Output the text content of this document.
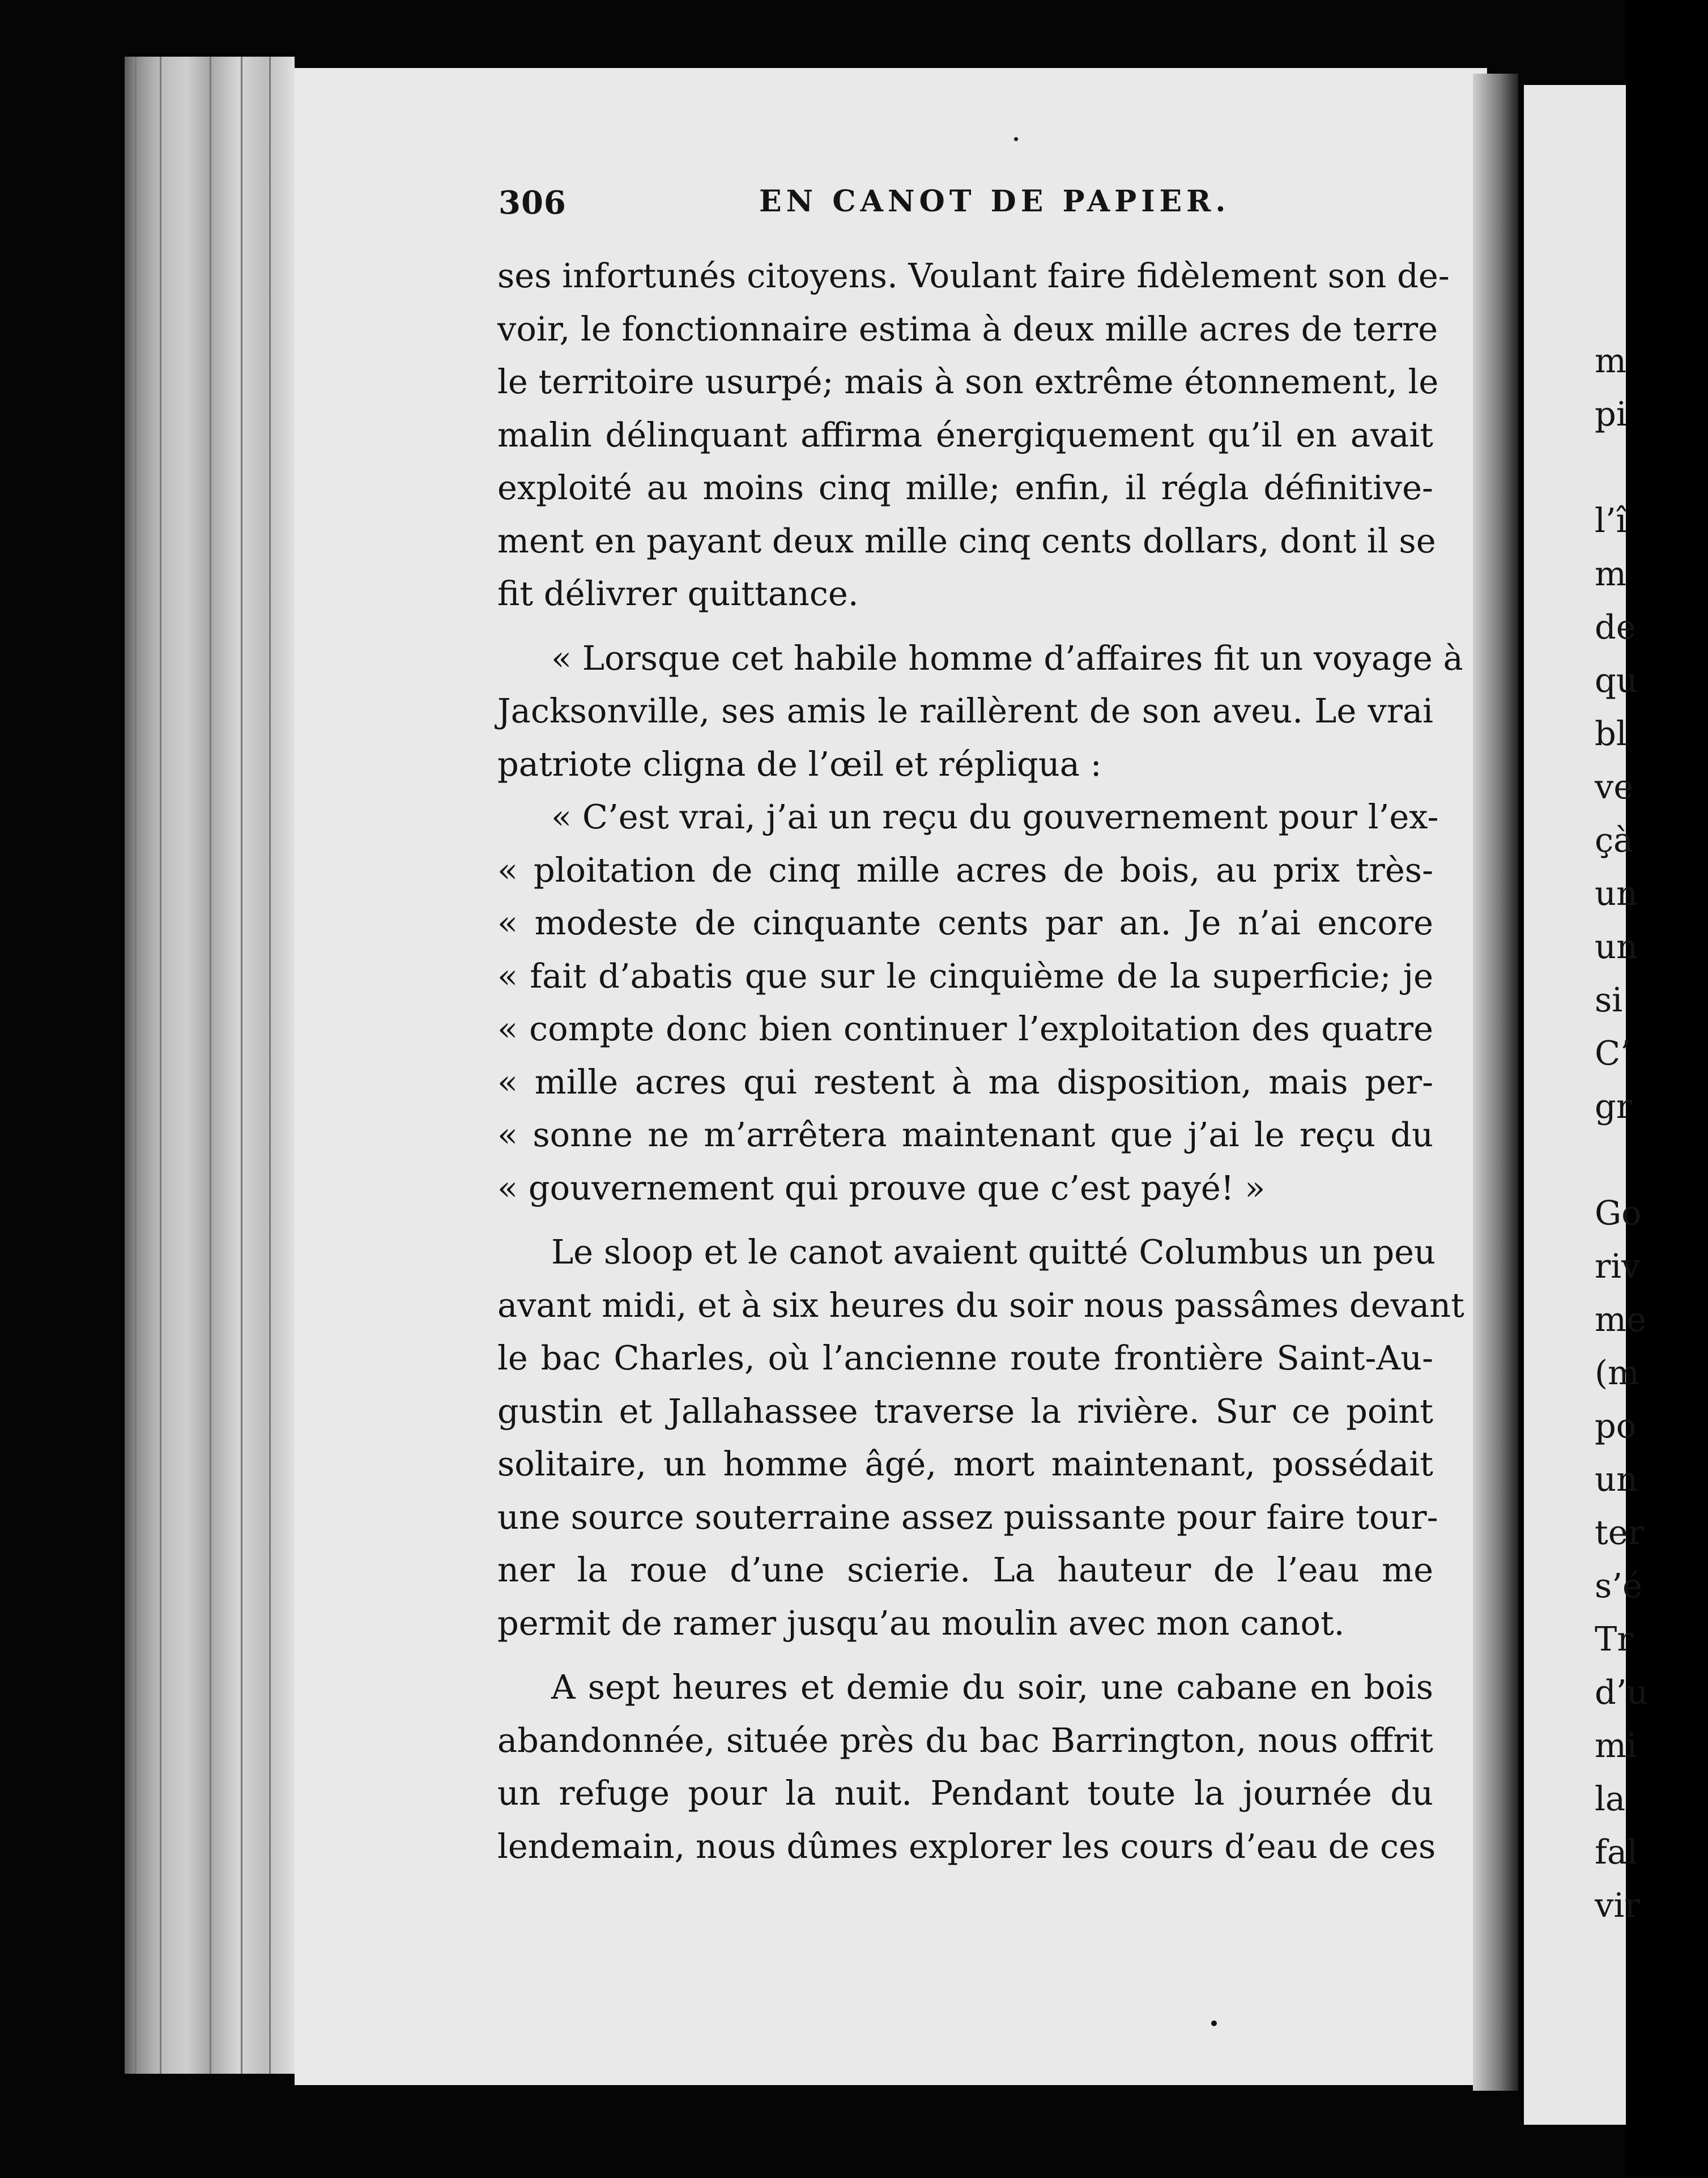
m
pi
l’î
m
de
qu
bl
ve
çà
un
un
si
C’
gr
Go
riv
me
(m
po
un
ter
s’é
Tr
d’u
mi
la
fal
vir
306	EN CANOT DE PAPIER.
ses infortunés citoyens. Voulant faire fidèlement son de-
voir, le fonctionnaire estima à deux mille acres de terre
le territoire usurpé; mais à son extrême étonnement, le
malin délinquant affirma énergiquement qu’il en avait
exploité au moins cinq mille; enfin, il régla définitive-
ment en payant deux mille cinq cents dollars, dont il se
fit délivrer quittance.
« Lorsque cet habile homme d’affaires fit un voyage à
Jacksonville, ses amis le raillèrent de son aveu. Le vrai
patriote cligna de l’œil et répliqua :
« C’est vrai, j’ai un reçu du gouvernement pour l’ex-
« ploitation de cinq mille acres de bois, au prix très-
« modeste de cinquante cents par an. Je n’ai encore
« fait d’abatis que sur le cinquième de la superficie; je
« compte donc bien continuer l’exploitation des quatre
« mille acres qui restent à ma disposition, mais per-
« sonne ne m’arrêtera maintenant que j’ai le reçu du
« gouvernement qui prouve que c’est payé! »
Le sloop et le canot avaient quitté Columbus un peu
avant midi, et à six heures du soir nous passâmes devant
le bac Charles, où l’ancienne route frontière Saint-Au-
gustin et Jallahassee traverse la rivière. Sur ce point
solitaire, un homme âgé, mort maintenant, possédait
une source souterraine assez puissante pour faire tour-
ner la roue d’une scierie. La hauteur de l’eau me
permit de ramer jusqu’au moulin avec mon canot.
A sept heures et demie du soir, une cabane en bois
abandonnée, située près du bac Barrington, nous offrit
un refuge pour la nuit. Pendant toute la journée du
lendemain, nous dûmes explorer les cours d’eau de ces
